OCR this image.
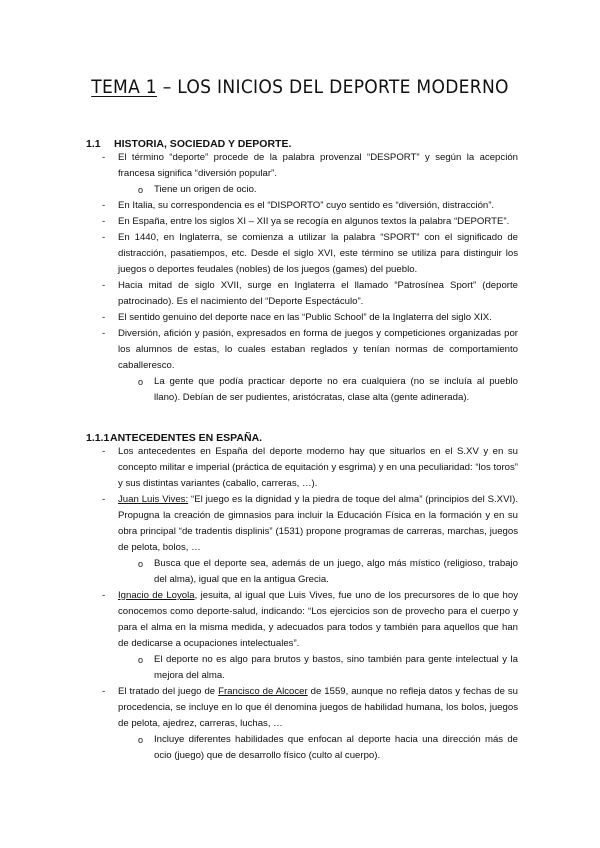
TEMA 1 – LOS INICIOS DEL DEPORTE MODERNO
1.1 HISTORIA, SOCIEDAD Y DEPORTE.
- El término “deporte” procede de la palabra provenzal “DESPORT” y según la acepción francesa significa “diversión popular”.
o Tiene un origen de ocio.
- En Italia, su correspondencia es el “DISPORTO” cuyo sentido es “diversión, distracción”.
- En España, entre los siglos XI – XII ya se recogía en algunos textos la palabra “DEPORTE”.
- En 1440, en Inglaterra, se comienza a utilizar la palabra “SPORT” con el significado de distracción, pasatiempos, etc. Desde el siglo XVI, este término se utiliza para distinguir los juegos o deportes feudales (nobles) de los juegos (games) del pueblo.
- Hacia mitad de siglo XVII, surge en Inglaterra el llamado “Patrosínea Sport” (deporte patrocinado). Es el nacimiento del “Deporte Espectáculo”.
- El sentido genuino del deporte nace en las “Public School” de la Inglaterra del siglo XIX.
- Diversión, afición y pasión, expresados en forma de juegos y competiciones organizadas por los alumnos de estas, lo cuales estaban reglados y tenían normas de comportamiento caballeresco.
o La gente que podía practicar deporte no era cualquiera (no se incluía al pueblo llano). Debían de ser pudientes, aristócratas, clase alta (gente adinerada).
1.1.1ANTECEDENTES EN ESPAÑA.
- Los antecedentes en España del deporte moderno hay que situarlos en el S.XV y en su concepto militar e imperial (práctica de equitación y esgrima) y en una peculiaridad: “los toros” y sus distintas variantes (caballo, carreras, …).
- Juan Luis Vives: “El juego es la dignidad y la piedra de toque del alma” (principios del S.XVI). Propugna la creación de gimnasios para incluir la Educación Física en la formación y en su obra principal “de tradentis displinis” (1531) propone programas de carreras, marchas, juegos de pelota, bolos, …
o Busca que el deporte sea, además de un juego, algo más místico (religioso, trabajo del alma), igual que en la antigua Grecia.
- Ignacio de Loyola, jesuita, al igual que Luis Vives, fue uno de los precursores de lo que hoy conocemos como deporte-salud, indicando: “Los ejercicios son de provecho para el cuerpo y para el alma en la misma medida, y adecuados para todos y también para aquellos que han de dedicarse a ocupaciones intelectuales”.
o El deporte no es algo para brutos y bastos, sino también para gente intelectual y la mejora del alma.
- El tratado del juego de Francisco de Alcocer de 1559, aunque no refleja datos y fechas de su procedencia, se incluye en lo que él denomina juegos de habilidad humana, los bolos, juegos de pelota, ajedrez, carreras, luchas, …
o Incluye diferentes habilidades que enfocan al deporte hacia una dirección más de ocio (juego) que de desarrollo físico (culto al cuerpo).
